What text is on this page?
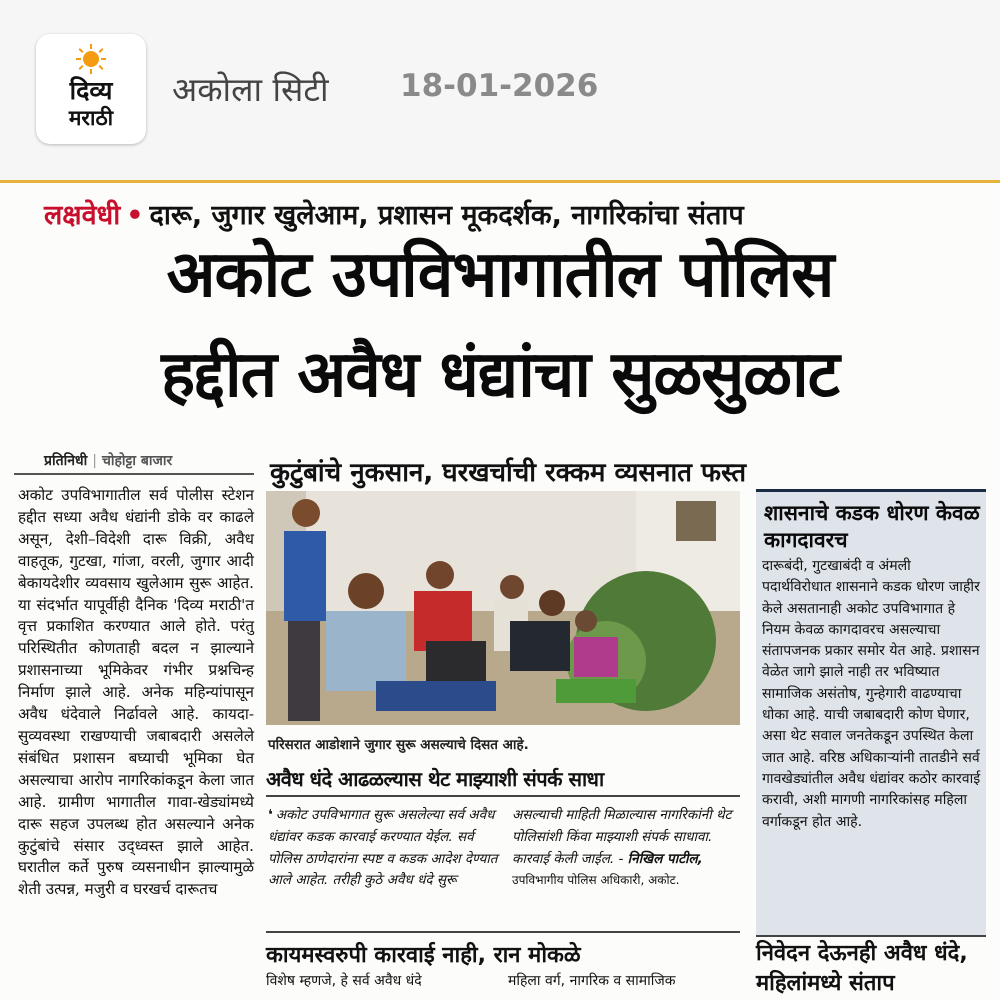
दिव्य
मराठी
अकोला सिटी 18-01-2026
लक्षवेधी • दारू, जुगार खुलेआम, प्रशासन मूकदर्शक, नागरिकांचा संताप
अकोट उपविभागातील पोलिस
हद्दीत अवैध धंद्यांचा सुळसुळाट
प्रतिनिधी | चोहोट्टा बाजार
अकोट उपविभागातील सर्व पोलीस स्टेशन हद्दीत सध्या अवैध धंद्यांनी डोके वर काढले असून, देशी–विदेशी दारू विक्री, अवैध वाहतूक, गुटखा, गांजा, वरली, जुगार आदी बेकायदेशीर व्यवसाय खुलेआम सुरू आहेत. या संदर्भात यापूर्वीही दैनिक 'दिव्य मराठी'त वृत्त प्रकाशित करण्यात आले होते. परंतु परिस्थितीत कोणताही बदल न झाल्याने प्रशासनाच्या भूमिकेवर गंभीर प्रश्नचिन्ह निर्माण झाले आहे. अनेक महिन्यांपासून अवैध धंदेवाले निर्ढावले आहे. कायदा-सुव्यवस्था राखण्याची जबाबदारी असलेले संबंधित प्रशासन बघ्याची भूमिका घेत असल्याचा आरोप नागरिकांकडून केला जात आहे. ग्रामीण भागातील गावा-खेड्यांमध्ये दारू सहज उपलब्ध होत असल्याने अनेक कुटुंबांचे संसार उद्ध्वस्त झाले आहेत. घरातील कर्ते पुरुष व्यसनाधीन झाल्यामुळे शेती उत्पन्न, मजुरी व घरखर्च दारूतच
कुटुंबांचे नुकसान, घरखर्चाची रक्कम व्यसनात फस्त
परिसरात आडोशाने जुगार सुरू असल्याचे दिसत आहे.
शासनाचे कडक धोरण केवळ कागदावरच
दारूबंदी, गुटखाबंदी व अंमली पदार्थविरोधात शासनाने कडक धोरण जाहीर केले असतानाही अकोट उपविभागात हे नियम केवळ कागदावरच असल्याचा संतापजनक प्रकार समोर येत आहे. प्रशासन वेळेत जागे झाले नाही तर भविष्यात सामाजिक असंतोष, गुन्हेगारी वाढण्याचा धोका आहे. याची जबाबदारी कोण घेणार, असा थेट सवाल जनतेकडून उपस्थित केला जात आहे. वरिष्ठ अधिकाऱ्यांनी तातडीने सर्व गावखेड्यांतील अवैध धंद्यांवर कठोर कारवाई करावी, अशी मागणी नागरिकांसह महिला वर्गाकडून होत आहे.
अवैध धंदे आढळल्यास थेट माझ्याशी संपर्क साधा
❛ अकोट उपविभागात सुरू असलेल्या सर्व अवैध धंद्यांवर कडक कारवाई करण्यात येईल. सर्व पोलिस ठाणेदारांना स्पष्ट व कडक आदेश देण्यात आले आहेत. तरीही कुठे अवैध धंदे सुरू
असल्याची माहिती मिळाल्यास नागरिकांनी थेट पोलिसांशी किंवा माझ्याशी संपर्क साधावा. कारवाई केली जाईल. - निखिल पाटील, उपविभागीय पोलिस अधिकारी, अकोट.
कायमस्वरुपी कारवाई नाही, रान मोकळे
विशेष म्हणजे, हे सर्व अवैध धंदे	महिला वर्ग, नागरिक व सामाजिक
निवेदन देऊनही अवैध धंदे, महिलांमध्ये संताप
